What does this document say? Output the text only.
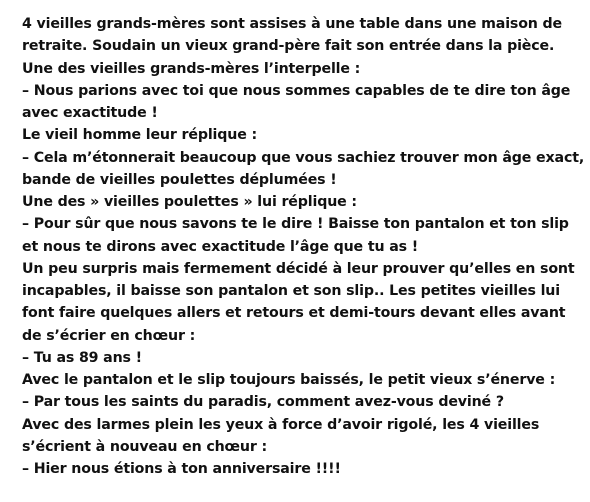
4 vieilles grands-mères sont assises à une table dans une maison de
retraite. Soudain un vieux grand-père fait son entrée dans la pièce.
Une des vieilles grands-mères l’interpelle :
– Nous parions avec toi que nous sommes capables de te dire ton âge
avec exactitude !
Le vieil homme leur réplique :
– Cela m’étonnerait beaucoup que vous sachiez trouver mon âge exact,
bande de vieilles poulettes déplumées !
Une des » vieilles poulettes » lui réplique :
– Pour sûr que nous savons te le dire ! Baisse ton pantalon et ton slip
et nous te dirons avec exactitude l’âge que tu as !
Un peu surpris mais fermement décidé à leur prouver qu’elles en sont
incapables, il baisse son pantalon et son slip.. Les petites vieilles lui
font faire quelques allers et retours et demi-tours devant elles avant
de s’écrier en chœur :
– Tu as 89 ans !
Avec le pantalon et le slip toujours baissés, le petit vieux s’énerve :
– Par tous les saints du paradis, comment avez-vous deviné ?
Avec des larmes plein les yeux à force d’avoir rigolé, les 4 vieilles
s’écrient à nouveau en chœur :
– Hier nous étions à ton anniversaire !!!!
